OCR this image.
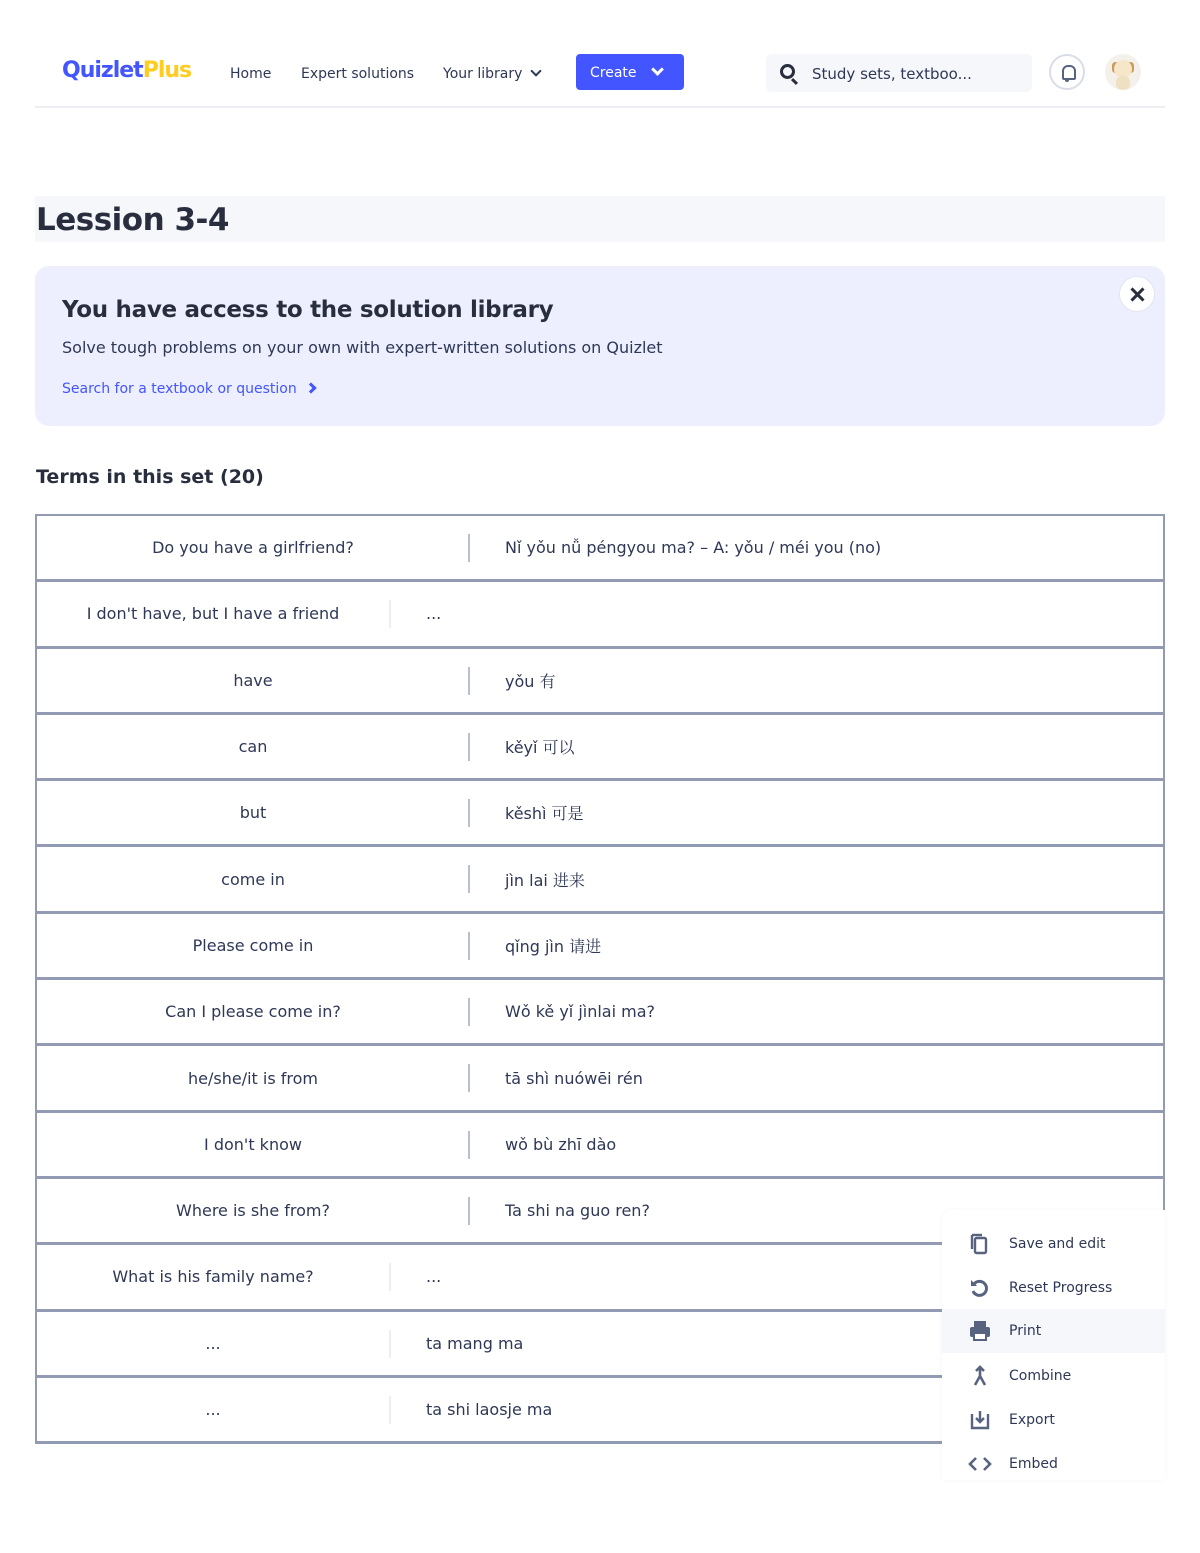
QuizletPlus	Home Expert solutions Your library	Create	Study sets, textboo...
Lession 3-4
You have access to the solution library
Solve tough problems on your own with expert-written solutions on Quizlet
Search for a textbook or question
Terms in this set (20)
Do you have a girlfriend?	Nǐ yǒu nǚ péngyou ma? – A: yǒu / méi you (no)
I don't have, but I have a friend	...
have	yǒu 有
can	kěyǐ 可以
but	kěshì 可是
come in	jìn lai 进来
Please come in	qǐng jìn 请进
Can I please come in?	Wǒ kě yǐ jìnlai ma?
he/she/it is from	tā shì nuówēi rén
I don't know	wǒ bù zhī dào
Where is she from?	Ta shi na guo ren?
What is his family name?	...
...	ta mang ma
...	ta shi laosje ma
Save and edit
Reset Progress
Print
Combine
Export
Embed
